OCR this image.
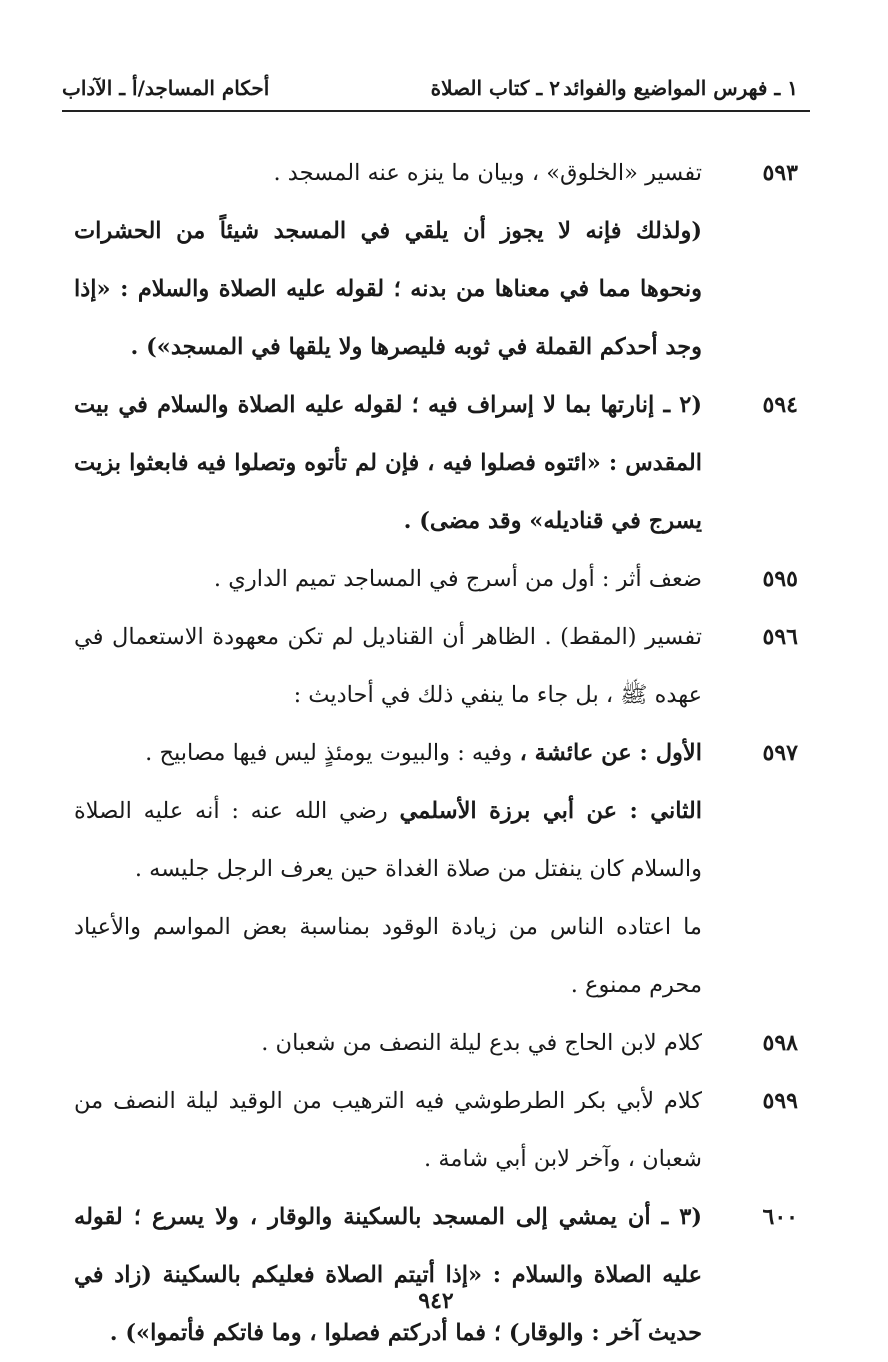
١ ـ فهرس المواضيع والفوائد
٢ ـ كتاب الصلاة
أحكام المساجد/أ ـ الآداب
٥٩٣
تفسير «الخلوق» ، وبيان ما ينزه عنه المسجد .
(ولذلك فإنه لا يجوز أن يلقي في المسجد شيئاً من الحشرات ونحوها مما في معناها من بدنه ؛ لقوله عليه الصلاة والسلام : «إذا وجد أحدكم القملة في ثوبه فليصرها ولا يلقها في المسجد») .
٥٩٤
(٢ ـ إنارتها بما لا إسراف فيه ؛ لقوله عليه الصلاة والسلام في بيت المقدس : «ائتوه فصلوا فيه ، فإن لم تأتوه وتصلوا فيه فابعثوا بزيت يسرج في قناديله» وقد مضى) .
٥٩٥
ضعف أثر : أول من أسرج في المساجد تميم الداري .
٥٩٦
تفسير (المقط) . الظاهر أن القناديل لم تكن معهودة الاستعمال في عهده ﷺ ، بل جاء ما ينفي ذلك في أحاديث :
٥٩٧
الأول : عن عائشة ، وفيه : والبيوت يومئذٍ ليس فيها مصابيح .
الثاني : عن أبي برزة الأسلمي رضي الله عنه : أنه عليه الصلاة والسلام كان ينفتل من صلاة الغداة حين يعرف الرجل جليسه .
ما اعتاده الناس من زيادة الوقود بمناسبة بعض المواسم والأعياد محرم ممنوع .
٥٩٨
كلام لابن الحاج في بدع ليلة النصف من شعبان .
٥٩٩
كلام لأبي بكر الطرطوشي فيه الترهيب من الوقيد ليلة النصف من شعبان ، وآخر لابن أبي شامة .
٦٠٠
(٣ ـ أن يمشي إلى المسجد بالسكينة والوقار ، ولا يسرع ؛ لقوله عليه الصلاة والسلام : «إذا أتيتم الصلاة فعليكم بالسكينة (زاد في حديث آخر : والوقار) ؛ فما أدركتم فصلوا ، وما فاتكم فأتموا») .
٩٤٢
